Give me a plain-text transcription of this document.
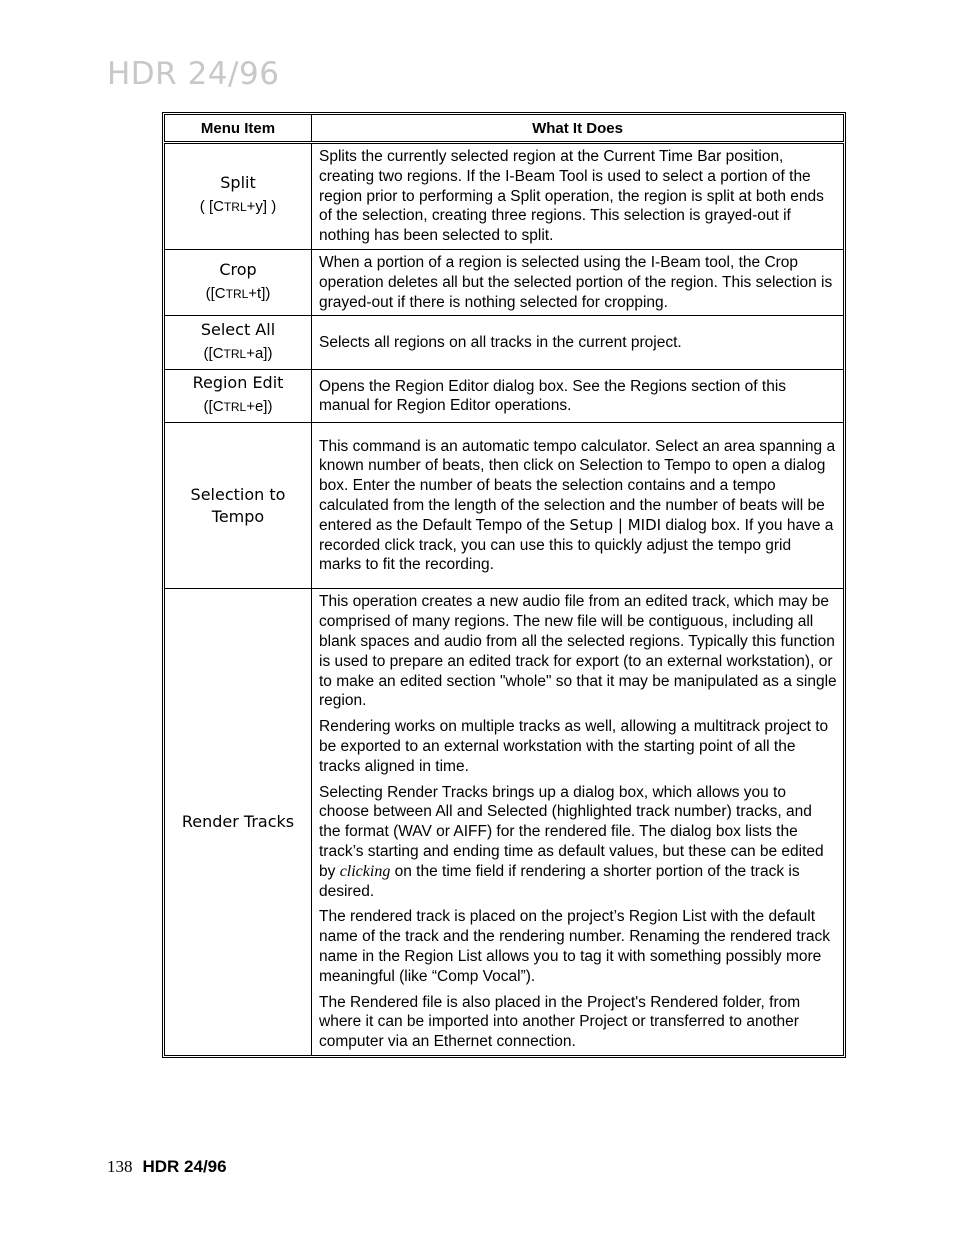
HDR 24/96
Menu Item	What It Does

Split
( [CTRL+y] )	Splits the currently selected region at the Current Time Bar position, creating two regions. If the I-Beam Tool is used to select a portion of the region prior to performing a Split operation, the region is split at both ends of the selection, creating three regions. This selection is grayed-out if nothing has been selected to split.

Crop
([CTRL+t])	When a portion of a region is selected using the I-Beam tool, the Crop operation deletes all but the selected portion of the region. This selection is grayed-out if there is nothing selected for cropping.

Select All
([CTRL+a])	Selects all regions on all tracks in the current project.

Region Edit
([CTRL+e])	Opens the Region Editor dialog box. See the Regions section of this manual for Region Editor operations.

Selection to
Tempo	This command is an automatic tempo calculator. Select an area spanning a known number of beats, then click on Selection to Tempo to open a dialog box. Enter the number of beats the selection contains and a tempo calculated from the length of the selection and the number of beats will be entered as the Default Tempo of the Setup | MIDI dialog box. If you have a recorded click track, you can use this to quickly adjust the tempo grid marks to fit the recording.

Render Tracks	This operation creates a new audio file from an edited track, which may be comprised of many regions. The new file will be contiguous, including all blank spaces and audio from all the selected regions. Typically this function is used to prepare an edited track for export (to an external workstation), or to make an edited section "whole" so that it may be manipulated as a single region.

Rendering works on multiple tracks as well, allowing a multitrack project to be exported to an external workstation with the starting point of all the tracks aligned in time.

Selecting Render Tracks brings up a dialog box, which allows you to choose between All and Selected (highlighted track number) tracks, and the format (WAV or AIFF) for the rendered file. The dialog box lists the track’s starting and ending time as default values, but these can be edited by clicking on the time field if rendering a shorter portion of the track is desired.

The rendered track is placed on the project’s Region List with the default name of the track and the rendering number. Renaming the rendered track name in the Region List allows you to tag it with something possibly more meaningful (like “Comp Vocal”).

The Rendered file is also placed in the Project's Rendered folder, from where it can be imported into another Project or transferred to another computer via an Ethernet connection.

138 HDR 24/96
